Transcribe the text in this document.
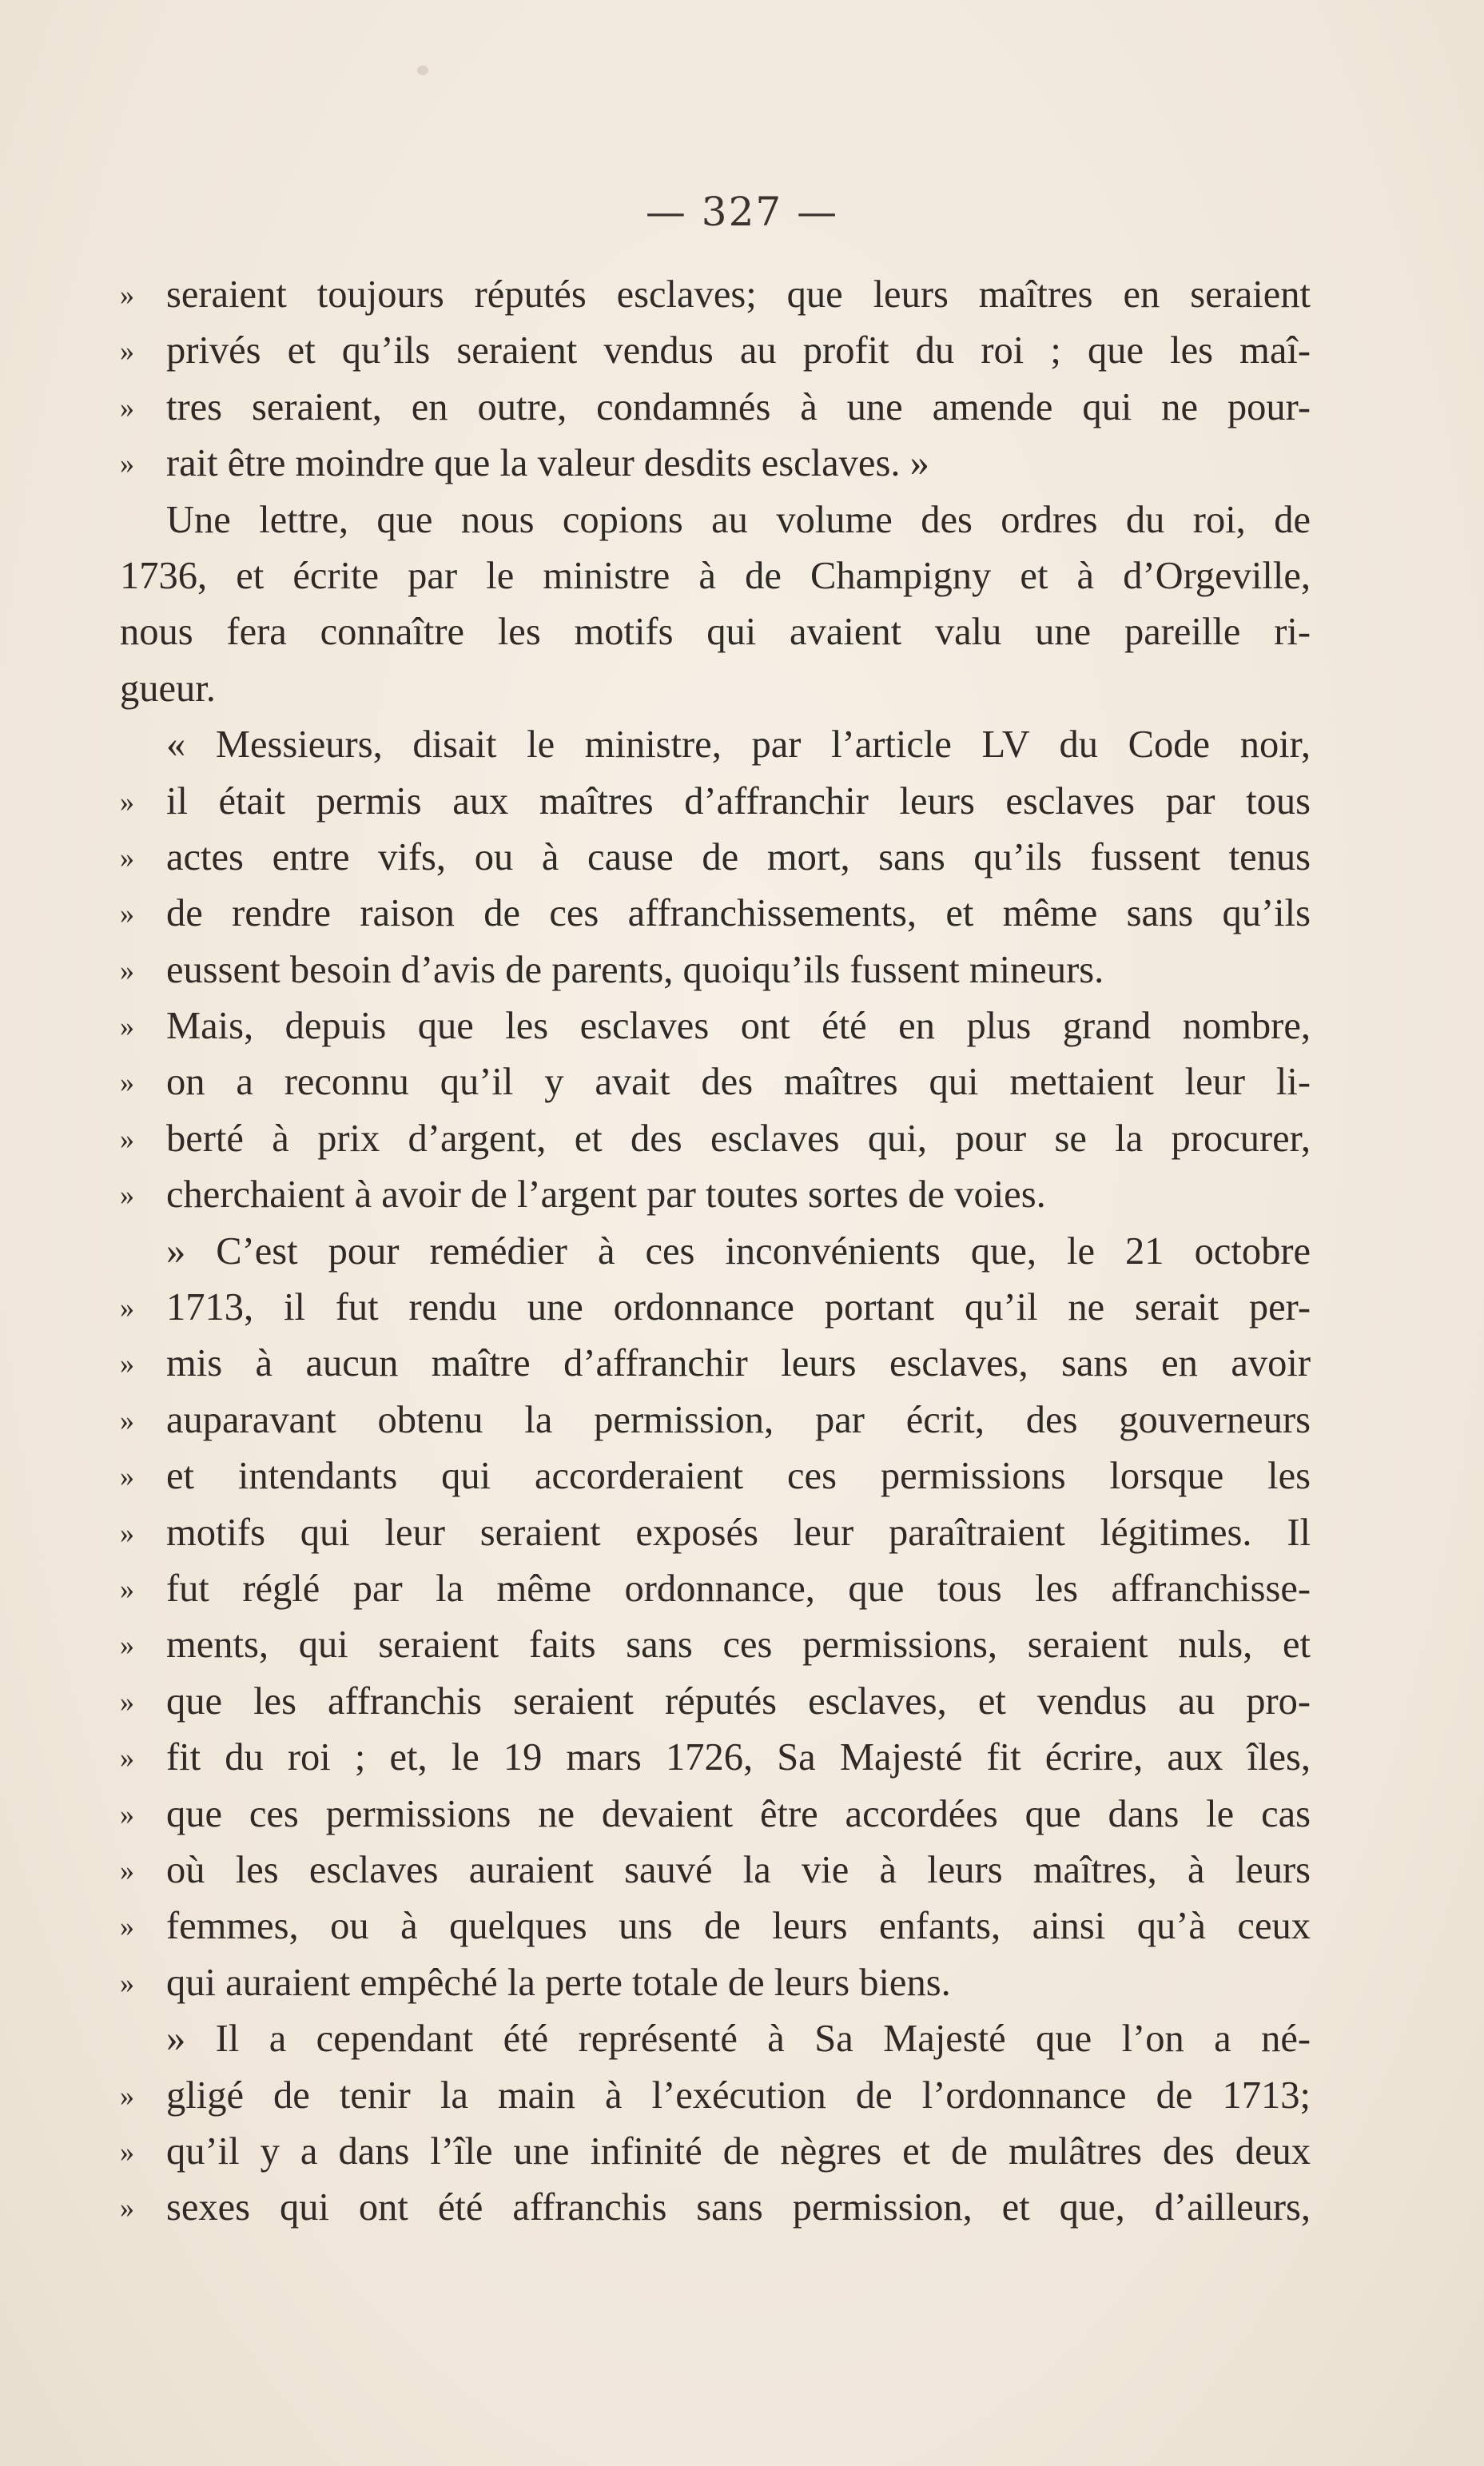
— 327 —
» seraient toujours réputés esclaves; que leurs maîtres en seraient
» privés et qu’ils seraient vendus au profit du roi ; que les maî-
» tres seraient, en outre, condamnés à une amende qui ne pour-
» rait être moindre que la valeur desdits esclaves. »
Une lettre, que nous copions au volume des ordres du roi, de
1736, et écrite par le ministre à de Champigny et à d’Orgeville,
nous fera connaître les motifs qui avaient valu une pareille ri-
gueur.
« Messieurs, disait le ministre, par l’article LV du Code noir,
» il était permis aux maîtres d’affranchir leurs esclaves par tous
» actes entre vifs, ou à cause de mort, sans qu’ils fussent tenus
» de rendre raison de ces affranchissements, et même sans qu’ils
» eussent besoin d’avis de parents, quoiqu’ils fussent mineurs.
» Mais, depuis que les esclaves ont été en plus grand nombre,
» on a reconnu qu’il y avait des maîtres qui mettaient leur li-
» berté à prix d’argent, et des esclaves qui, pour se la procurer,
» cherchaient à avoir de l’argent par toutes sortes de voies.
» C’est pour remédier à ces inconvénients que, le 21 octobre
» 1713, il fut rendu une ordonnance portant qu’il ne serait per-
» mis à aucun maître d’affranchir leurs esclaves, sans en avoir
» auparavant obtenu la permission, par écrit, des gouverneurs
» et intendants qui accorderaient ces permissions lorsque les
» motifs qui leur seraient exposés leur paraîtraient légitimes. Il
» fut réglé par la même ordonnance, que tous les affranchisse-
» ments, qui seraient faits sans ces permissions, seraient nuls, et
» que les affranchis seraient réputés esclaves, et vendus au pro-
» fit du roi ; et, le 19 mars 1726, Sa Majesté fit écrire, aux îles,
» que ces permissions ne devaient être accordées que dans le cas
» où les esclaves auraient sauvé la vie à leurs maîtres, à leurs
» femmes, ou à quelques uns de leurs enfants, ainsi qu’à ceux
» qui auraient empêché la perte totale de leurs biens.
» Il a cependant été représenté à Sa Majesté que l’on a né-
» gligé de tenir la main à l’exécution de l’ordonnance de 1713;
» qu’il y a dans l’île une infinité de nègres et de mulâtres des deux
» sexes qui ont été affranchis sans permission, et que, d’ailleurs,
